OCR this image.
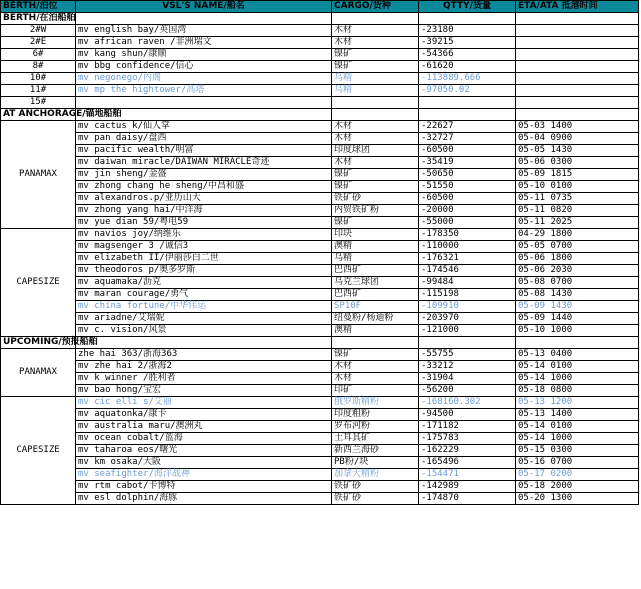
BERTH/泊位	VSL'S NAME/船名	CARGO/货种	QTTY/货量	ETA/ATA 抵港时间
BERTH/在泊船舶				
2#W	mv english bay/英国湾	木材	-23180	
2#E	mv african raven /非洲瑞文	木材	-39215	
6#	mv kang shun/康顺	镍矿	-54366	
8#	mv bbg confidence/信心	镍矿	-61620	
10#	mv negonego/内阁	乌精	-113889.666	
11#	mv mp the hightower/高塔	乌精	-97050.02	
15#				
AT ANCHORAGE/锚地船舶				
PANAMAX	mv cactus k/仙人掌	木材	-22627	05-03 1400
	mv pan daisy/盘西	木材	-32727	05-04 0900
	mv pacific wealth/明富	印度球团	-60500	05-05 1430
	mv daiwan miracle/DAIWAN MIRACLE奇迹	木材	-35419	05-06 0300
	mv jin sheng/金盛	镍矿	-50650	05-09 1815
	mv zhong chang he sheng/中昌和盛	镍矿	-51550	05-10 0100
	mv alexandros.p/亚历山大	铁矿砂	-60500	05-11 0735
	mv zhong yang hai/中洋海	内贸铁矿粉	-20000	05-11 0820
	mv yue dian 59/粤电59	镍矿	-55000	05-11 2025
CAPESIZE	mv navios joy/纳维乐	印块	-178350	04-29 1800
	mv magsenger 3 /诚信3	澳精	-110000	05-05 0700
	mv elizabeth II/伊丽莎白二世	乌精	-176321	05-06 1800
	mv theodoros p/奥多罗斯	巴西矿	-174546	05-06 2030
	mv aquamaka/沥克	乌克兰球团	-99484	05-08 0700
	mv maran courage/勇气	巴西矿	-115198	05-08 1430
	mv china fortune/中华伟运	SP10F	-109910	05-09 1430
	mv ariadne/艾瑞妮	纽曼粉/杨迪粉	-203970	05-09 1440
	mv c. vision/风景	澳精	-121000	05-10 1000
UPCOMING/预报船舶				
PANAMAX	zhe hai 363/浙海363	镍矿	-55755	05-13 0400
	mv zhe hai 2/浙海2	木材	-33212	05-14 0100
	mv k winner /胜利者	木材	-31904	05-14 1000
	mv bao hong/宝宏	印矿	-56200	05-18 0800
CAPESIZE	mv cic elli s/艾丽	俄罗斯精粉	-168160.302	05-13 1200
	mv aquatonka/康卡	印度粗粉	-94500	05-13 1400
	mv australia maru/澳洲丸	罗布河粉	-171182	05-14 0100
	mv ocean cobalt/蓝海	土耳其矿	-175783	05-14 1000
	mv taharoa eos/曙光	新西兰海砂	-162229	05-15 0300
	mv km osaka/大阪	PB粉/块	-165496	05-16 0700
	mv seafighter/海洋战神	加拿大精粉	-154471	05-17 0200
	mv rtm cabot/卡博特	铁矿砂	-142989	05-18 2000
	mv esl dolphin/海豚	铁矿砂	-174870	05-20 1300
